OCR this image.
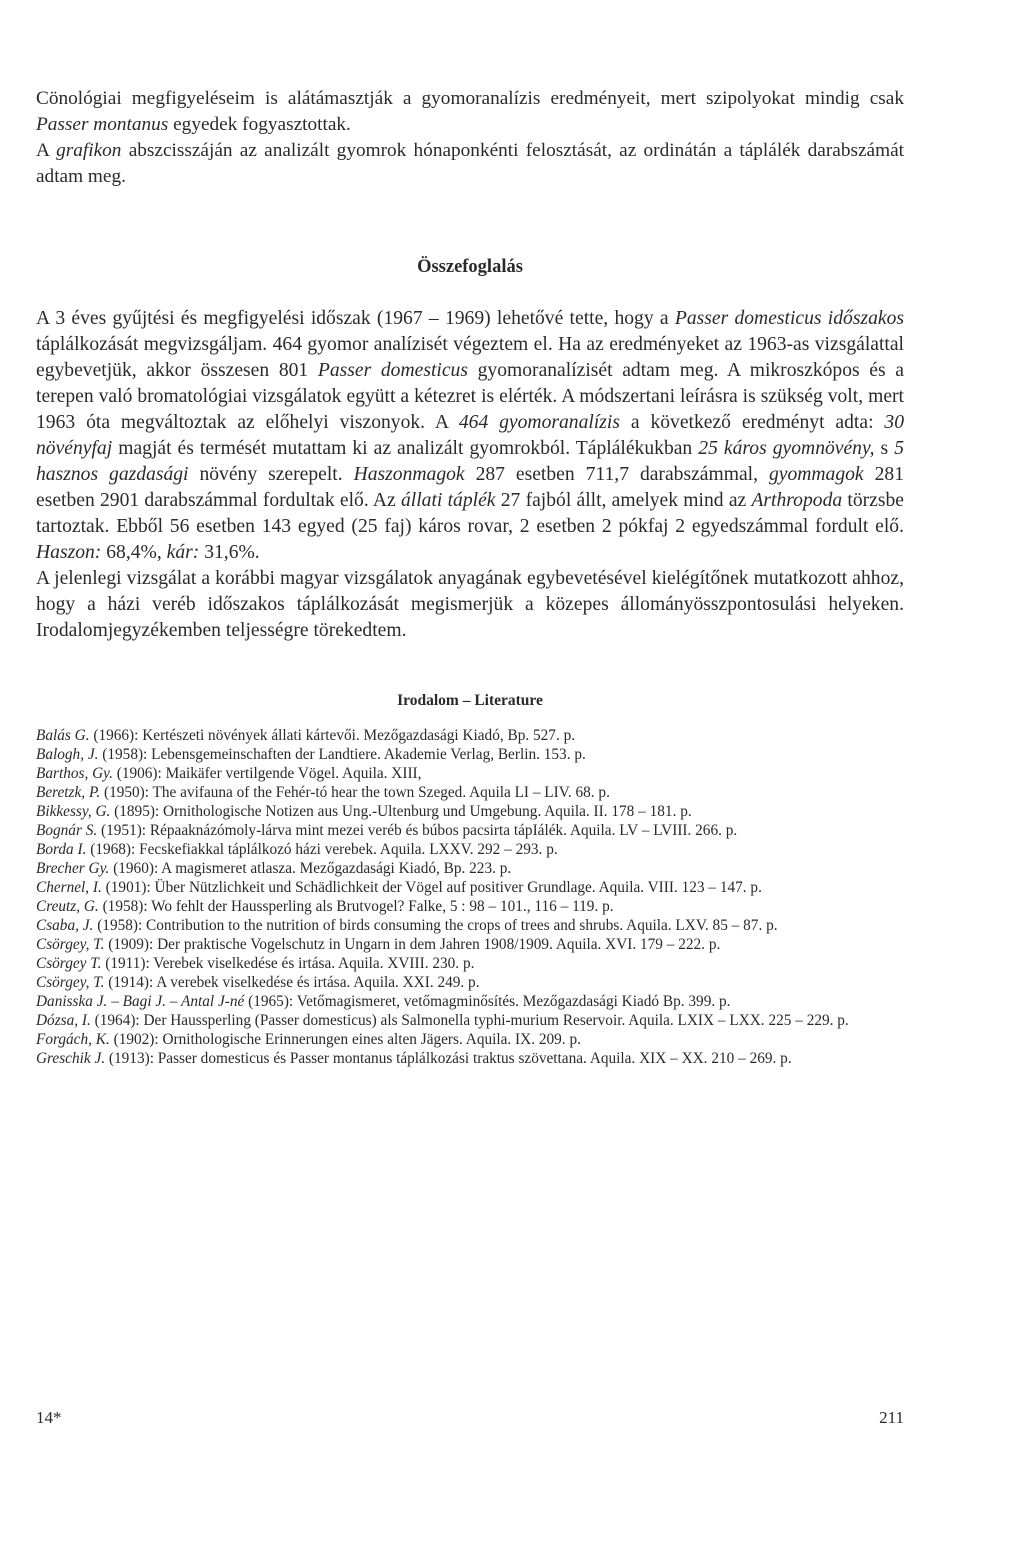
Cönológiai megfigyeléseim is alátámasztják a gyomoranalízis eredményeit, mert szipolyokat mindig csak Passer montanus egyedek fogyasztottak.

A grafikon abszcisszáján az analizált gyomrok hónaponkénti felosztását, az ordinátán a táplálék darabszámát adtam meg.

Összefoglalás

A 3 éves gyűjtési és megfigyelési időszak (1967 – 1969) lehetővé tette, hogy a Passer domesticus időszakos táplálkozását megvizsgáljam. 464 gyomor analízisét végeztem el. Ha az eredményeket az 1963-as vizsgálattal egybevetjük, akkor összesen 801 Passer domesticus gyomoranalízisét adtam meg. A mikroszkópos és a terepen való bromatológiai vizsgálatok együtt a kétezret is elérték. A módszertani leírásra is szükség volt, mert 1963 óta megváltoztak az előhelyi viszonyok. A 464 gyomoranalízis a következő eredményt adta: 30 növényfaj magját és termését mutattam ki az analizált gyomrokból. Táplálékukban 25 káros gyomnövény, s 5 hasznos gazdasági növény szerepelt. Haszonmagok 287 esetben 711,7 darabszámmal, gyommagok 281 esetben 2901 darabszámmal fordultak elő. Az állati táplék 27 fajból állt, amelyek mind az Arthropoda törzsbe tartoztak. Ebből 56 esetben 143 egyed (25 faj) káros rovar, 2 esetben 2 pókfaj 2 egyedszámmal fordult elő. Haszon: 68,4%, kár: 31,6%.

A jelenlegi vizsgálat a korábbi magyar vizsgálatok anyagának egybevetésével kielégítőnek mutatkozott ahhoz, hogy a házi veréb időszakos táplálkozását megismerjük a közepes állományösszpontosulási helyeken. Irodalomjegyzékemben teljességre törekedtem.

Irodalom – Literature

Balás G. (1966): Kertészeti növények állati kártevői. Mezőgazdasági Kiadó, Bp. 527. p.

Balogh, J. (1958): Lebensgemeinschaften der Landtiere. Akademie Verlag, Berlin. 153. p.

Barthos, Gy. (1906): Maikäfer vertilgende Vögel. Aquila. XIII,

Beretzk, P. (1950): The avifauna of the Fehér-tó hear the town Szeged. Aquila LI – LIV. 68. p.

Bikkessy, G. (1895): Ornithologische Notizen aus Ung.-Ultenburg und Umgebung. Aquila. II. 178 – 181. p.

Bognár S. (1951): Répaaknázómoly-lárva mint mezei veréb és búbos pacsirta tápIálék. Aquila. LV – LVIII. 266. p.

Borda I. (1968): Fecskefiakkal táplálkozó házi verebek. Aquila. LXXV. 292 – 293. p.

Brecher Gy. (1960): A magismeret atlasza. Mezőgazdasági Kiadó, Bp. 223. p.

Chernel, I. (1901): Über Nützlichkeit und Schädlichkeit der Vögel auf positiver Grundlage. Aquila. VIII. 123 – 147. p.

Creutz, G. (1958): Wo fehlt der Haussperling als Brutvogel? Falke, 5 : 98 – 101., 116 – 119. p.

Csaba, J. (1958): Contribution to the nutrition of birds consuming the crops of trees and shrubs. Aquila. LXV. 85 – 87. p.

Csörgey, T. (1909): Der praktische Vogelschutz in Ungarn in dem Jahren 1908/1909. Aquila. XVI. 179 – 222. p.

Csörgey T. (1911): Verebek viselkedése és irtása. Aquila. XVIII. 230. p.

Csörgey, T. (1914): A verebek viselkedése és irtása. Aquila. XXI. 249. p.

Danisska J. – Bagi J. – Antal J-né (1965): Vetőmagismeret, vetőmagminősítés. Mezőgazdasági Kiadó Bp. 399. p.

Dózsa, I. (1964): Der Haussperling (Passer domesticus) als Salmonella typhi-murium Reservoir. Aquila. LXIX – LXX. 225 – 229. p.

Forgách, K. (1902): Ornithologische Erinnerungen eines alten Jägers. Aquila. IX. 209. p.

Greschik J. (1913): Passer domesticus és Passer montanus táplálkozási traktus szövettana. Aquila. XIX – XX. 210 – 269. p.

14*	211
